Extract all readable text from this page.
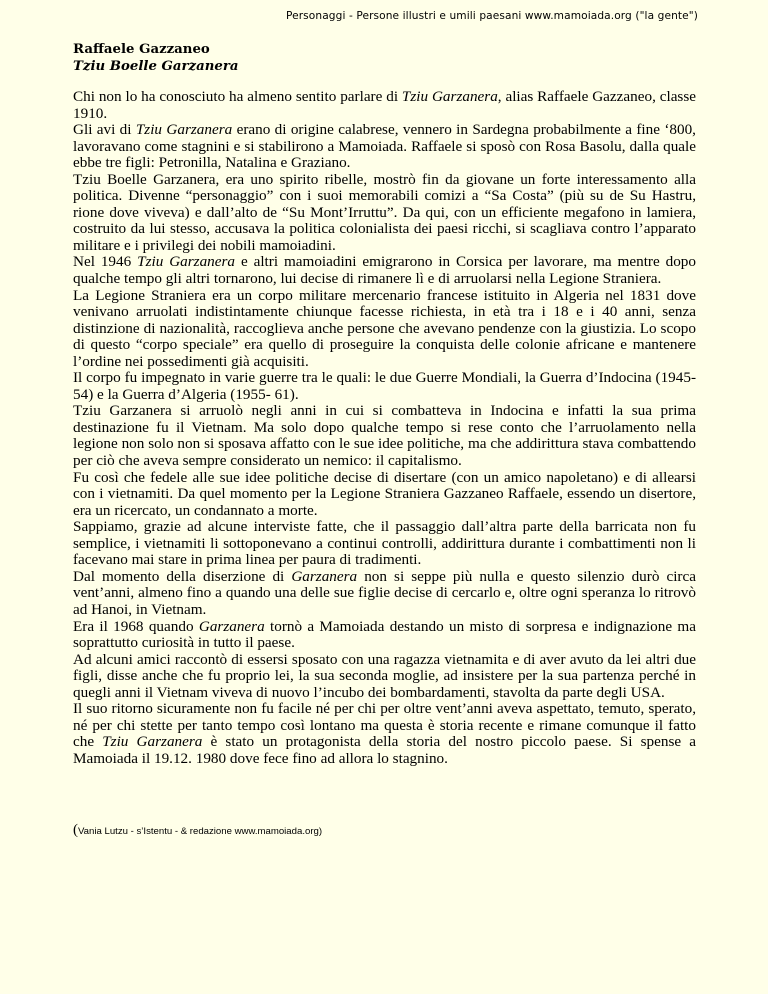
Personaggi - Persone illustri e umili paesani www.mamoiada.org ("la gente")
Raffaele Gazzaneo
Tziu Boelle Garzanera

Chi non lo ha conosciuto ha almeno sentito parlare di Tziu Garzanera, alias Raffaele Gazzaneo, classe 1910.

Gli avi di Tziu Garzanera erano di origine calabrese, vennero in Sardegna probabilmente a fine ‘800, lavoravano come stagnini e si stabilirono a Mamoiada. Raffaele si sposò con Rosa Basolu, dalla quale ebbe tre figli: Petronilla, Natalina e Graziano.

Tziu Boelle Garzanera, era uno spirito ribelle, mostrò fin da giovane un forte interessamento alla politica. Divenne “personaggio” con i suoi memorabili comizi a “Sa Costa” (più su de Su Hastru, rione dove viveva) e dall’alto de “Su Mont’Irruttu”. Da qui, con un efficiente megafono in lamiera, costruito da lui stesso, accusava la politica colonialista dei paesi ricchi, si scagliava contro l’apparato militare e i privilegi dei nobili mamoiadini.

Nel 1946 Tziu Garzanera e altri mamoiadini emigrarono in Corsica per lavorare, ma mentre dopo qualche tempo gli altri tornarono, lui decise di rimanere lì e di arruolarsi nella Legione Straniera.

La Legione Straniera era un corpo militare mercenario francese istituito in Algeria nel 1831 dove venivano arruolati indistintamente chiunque facesse richiesta, in età tra i 18 e i 40 anni, senza distinzione di nazionalità, raccoglieva anche persone che avevano pendenze con la giustizia. Lo scopo di questo “corpo speciale” era quello di proseguire la conquista delle colonie africane e mantenere l’ordine nei possedimenti già acquisiti.

Il corpo fu impegnato in varie guerre tra le quali: le due Guerre Mondiali, la Guerra d’Indocina (1945-54) e la Guerra d’Algeria (1955- 61).

Tziu Garzanera si arruolò negli anni in cui si combatteva in Indocina e infatti la sua prima destinazione fu il Vietnam. Ma solo dopo qualche tempo si rese conto che l’arruolamento nella legione non solo non si sposava affatto con le sue idee politiche, ma che addirittura stava combattendo per ciò che aveva sempre considerato un nemico: il capitalismo.

Fu così che fedele alle sue idee politiche decise di disertare (con un amico napoletano) e di allearsi con i vietnamiti. Da quel momento per la Legione Straniera Gazzaneo Raffaele, essendo un disertore, era un ricercato, un condannato a morte.

Sappiamo, grazie ad alcune interviste fatte, che il passaggio dall’altra parte della barricata non fu semplice, i vietnamiti li sottoponevano a continui controlli, addirittura durante i combattimenti non li facevano mai stare in prima linea per paura di tradimenti.

Dal momento della diserzione di Garzanera non si seppe più nulla e questo silenzio durò circa vent’anni, almeno fino a quando una delle sue figlie decise di cercarlo e, oltre ogni speranza lo ritrovò ad Hanoi, in Vietnam.

Era il 1968 quando Garzanera tornò a Mamoiada destando un misto di sorpresa e indignazione ma soprattutto curiosità in tutto il paese.

Ad alcuni amici raccontò di essersi sposato con una ragazza vietnamita e di aver avuto da lei altri due figli, disse anche che fu proprio lei, la sua seconda moglie, ad insistere per la sua partenza perché in quegli anni il Vietnam viveva di nuovo l’incubo dei bombardamenti, stavolta da parte degli USA.

Il suo ritorno sicuramente non fu facile né per chi per oltre vent’anni aveva aspettato, temuto, sperato, né per chi stette per tanto tempo così lontano ma questa è storia recente e rimane comunque il fatto che Tziu Garzanera è stato un protagonista della storia del nostro piccolo paese. Si spense a Mamoiada il 19.12. 1980 dove fece fino ad allora lo stagnino.

(Vania Lutzu - s’Istentu - & redazione www.mamoiada.org)
